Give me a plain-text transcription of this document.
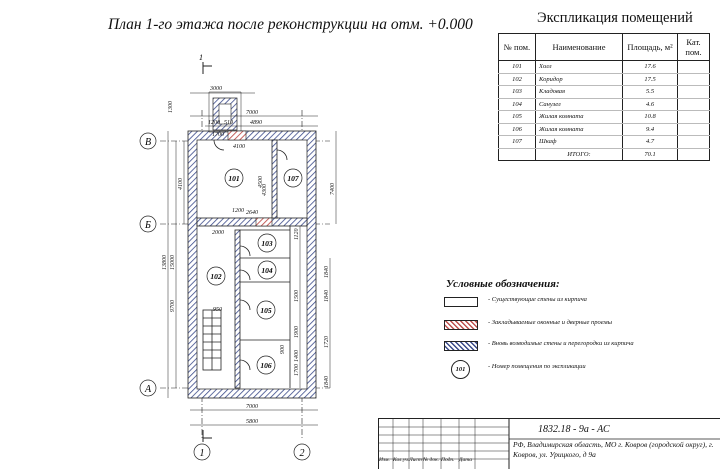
План 1-го этажа после реконструкции на отм. +0.000
101	107
103
102
104
105
106
В
Б
А
1	2
1
3000
7000
4890
1200 510
1700
4100
1200 2640
2000
950
7000
5800
1300
13800 15000
4100
9700
4500
4300	7400
1840
1840
1720
1840
1500
1900
1700
900
1120
1400
Экспликация помещений
№ пом.	Наименование	Площадь, м²	Кат. пом.
101	Холл	17.6	
102	Коридор	17.5	
103	Кладовая	5.5	
104	Санузел	4.6	
105	Жилая комната	10.8	
106	Жилая комната	9.4	
107	Шкаф	4.7	
	ИТОГО:	70.1	
Условные обозначения:
- Существующие стены из кирпича
- Закладываемые оконные и дверные проемы
- Вновь возводимые стены и перегородки из кирпича
101	- Номер помещения по экспликации
Изм. Кол.уч. Лист № док. Подп. Дата
1832.18 - 9а - АС
РФ, Владимирская область, МО г. Ковров (городской округ), г. Ковров, ул. Урицкого, д 9а
